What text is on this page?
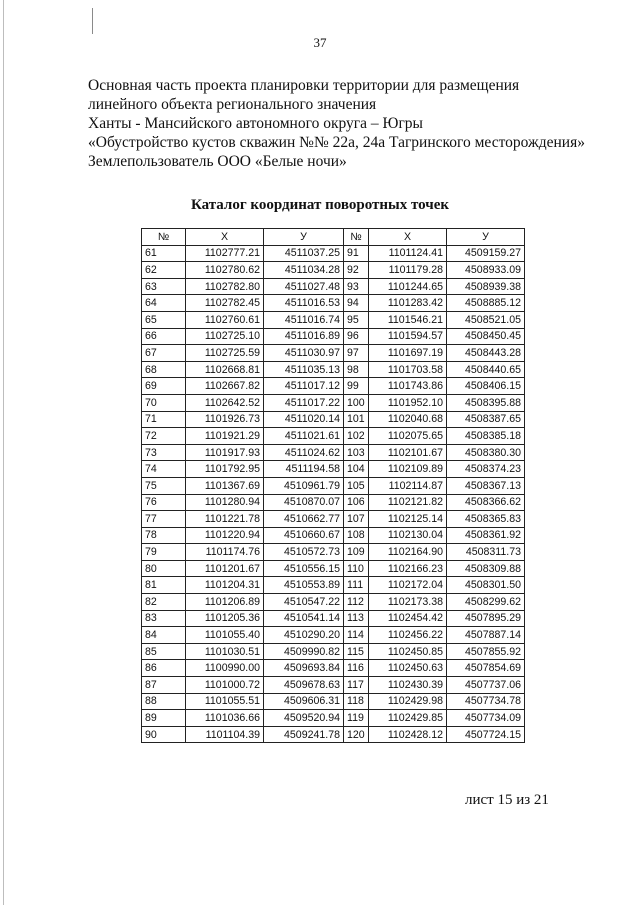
37
Основная часть проекта планировки территории для размещения
линейного объекта регионального значения
Ханты - Мансийского автономного округа – Югры
«Обустройство кустов скважин №№ 22а, 24а Тагринского месторождения»
Землепользователь ООО «Белые ночи»
Каталог координат поворотных точек
№	X	У	№	X	У
61	1102777.21	4511037.25	91	1101124.41	4509159.27
62	1102780.62	4511034.28	92	1101179.28	4508933.09
63	1102782.80	4511027.48	93	1101244.65	4508939.38
64	1102782.45	4511016.53	94	1101283.42	4508885.12
65	1102760.61	4511016.74	95	1101546.21	4508521.05
66	1102725.10	4511016.89	96	1101594.57	4508450.45
67	1102725.59	4511030.97	97	1101697.19	4508443.28
68	1102668.81	4511035.13	98	1101703.58	4508440.65
69	1102667.82	4511017.12	99	1101743.86	4508406.15
70	1102642.52	4511017.22	100	1101952.10	4508395.88
71	1101926.73	4511020.14	101	1102040.68	4508387.65
72	1101921.29	4511021.61	102	1102075.65	4508385.18
73	1101917.93	4511024.62	103	1102101.67	4508380.30
74	1101792.95	4511194.58	104	1102109.89	4508374.23
75	1101367.69	4510961.79	105	1102114.87	4508367.13
76	1101280.94	4510870.07	106	1102121.82	4508366.62
77	1101221.78	4510662.77	107	1102125.14	4508365.83
78	1101220.94	4510660.67	108	1102130.04	4508361.92
79	1101174.76	4510572.73	109	1102164.90	4508311.73
80	1101201.67	4510556.15	110	1102166.23	4508309.88
81	1101204.31	4510553.89	111	1102172.04	4508301.50
82	1101206.89	4510547.22	112	1102173.38	4508299.62
83	1101205.36	4510541.14	113	1102454.42	4507895.29
84	1101055.40	4510290.20	114	1102456.22	4507887.14
85	1101030.51	4509990.82	115	1102450.85	4507855.92
86	1100990.00	4509693.84	116	1102450.63	4507854.69
87	1101000.72	4509678.63	117	1102430.39	4507737.06
88	1101055.51	4509606.31	118	1102429.98	4507734.78
89	1101036.66	4509520.94	119	1102429.85	4507734.09
90	1101104.39	4509241.78	120	1102428.12	4507724.15
лист 15 из 21
